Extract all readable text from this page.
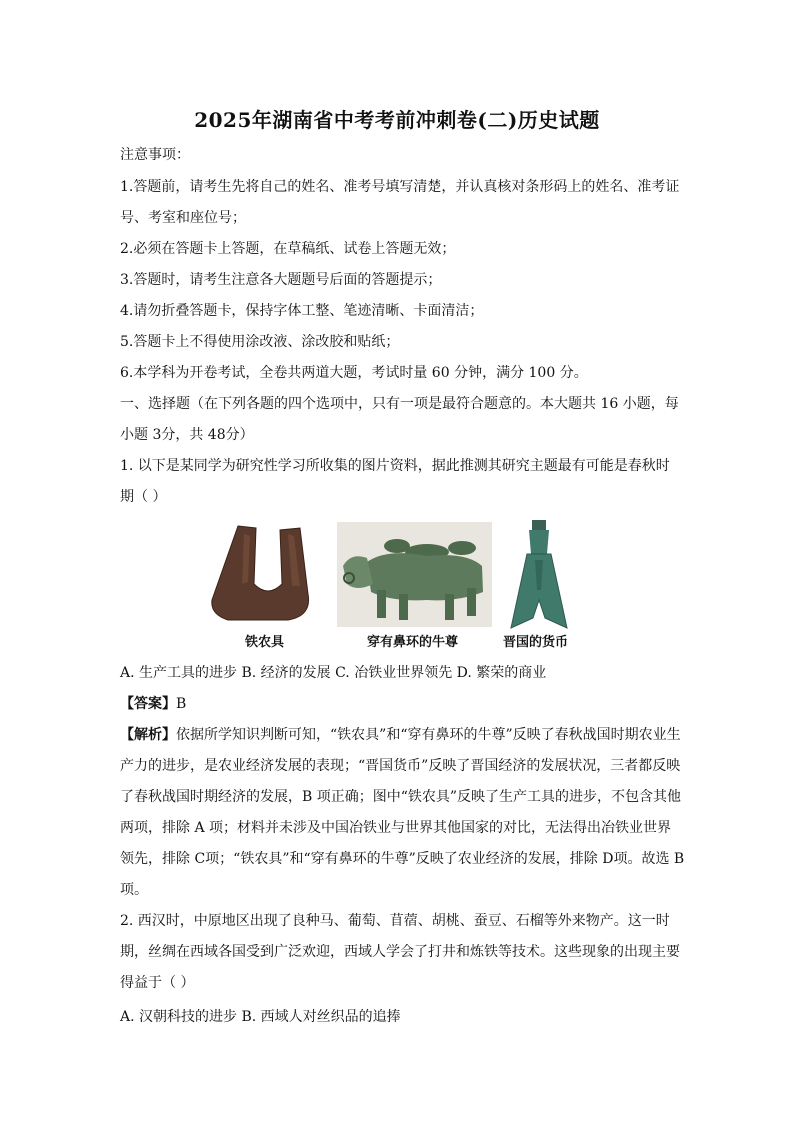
2025年湖南省中考考前冲刺卷(二)历史试题
注意事项：
1.答题前，请考生先将自己的姓名、准考号填写清楚，并认真核对条形码上的姓名、准考证
号、考室和座位号；
2.必须在答题卡上答题，在草稿纸、试卷上答题无效；
3.答题时，请考生注意各大题题号后面的答题提示；
4.请勿折叠答题卡，保持字体工整、笔迹清晰、卡面清洁；
5.答题卡上不得使用涂改液、涂改胶和贴纸；
6.本学科为开卷考试，全卷共两道大题，考试时量 60 分钟，满分 100 分。
一、选择题（在下列各题的四个选项中，只有一项是最符合题意的。本大题共 16 小题，每
小题 3分，共 48分）
1. 以下是某同学为研究性学习所收集的图片资料，据此推测其研究主题最有可能是春秋时
期（ ）
铁农具	穿有鼻环的牛尊	晋国的货币
A. 生产工具的进步 B. 经济的发展 C. 冶铁业世界领先 D. 繁荣的商业
【答案】B
【解析】依据所学知识判断可知，“铁农具”和“穿有鼻环的牛尊”反映了春秋战国时期农业生
产力的进步，是农业经济发展的表现；“晋国货币”反映了晋国经济的发展状况，三者都反映
了春秋战国时期经济的发展，B 项正确；图中“铁农具”反映了生产工具的进步，不包含其他
两项，排除 A 项；材料并未涉及中国冶铁业与世界其他国家的对比，无法得出冶铁业世界
领先，排除 C项；“铁农具”和“穿有鼻环的牛尊”反映了农业经济的发展，排除 D项。故选 B
项。
2. 西汉时，中原地区出现了良种马、葡萄、苜蓿、胡桃、蚕豆、石榴等外来物产。这一时
期，丝绸在西域各国受到广泛欢迎，西域人学会了打井和炼铁等技术。这些现象的出现主要
得益于（ ）
A. 汉朝科技的进步 B. 西域人对丝织品的追捧
